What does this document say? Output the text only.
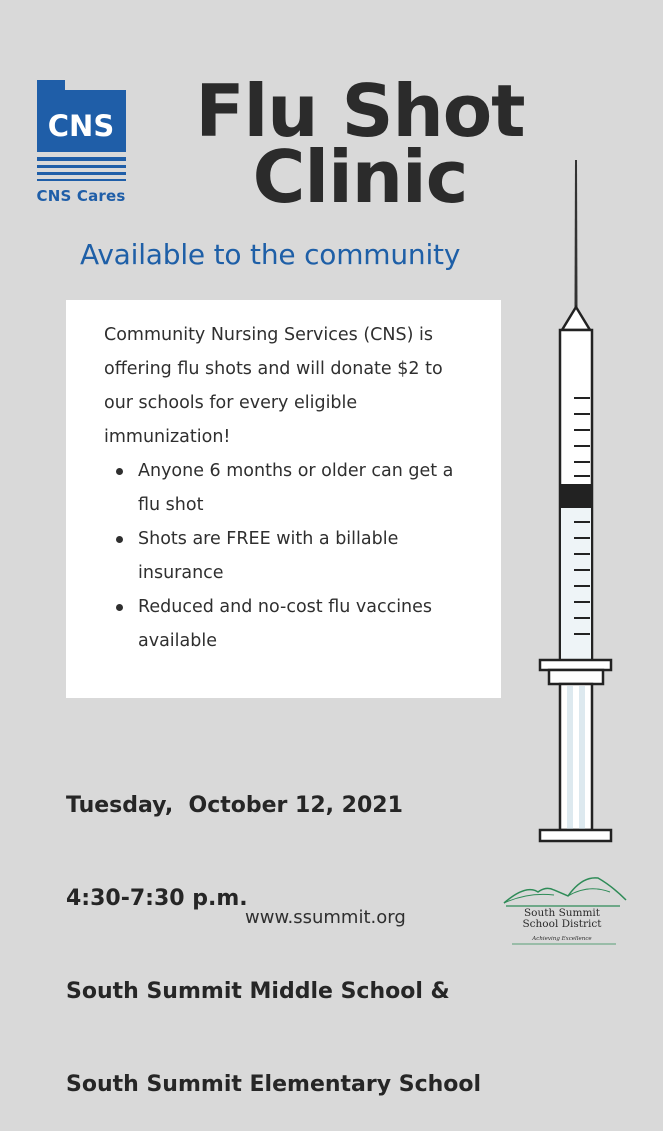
CNS
CNS Cares
Flu Shot
Clinic
Available to the community

Community Nursing Services (CNS) is offering flu shots and will donate $2 to our schools for every eligible immunization!

Anyone 6 months or older can get a flu shot
Shots are FREE with a billable insurance
Reduced and no-cost flu vaccines available

Tuesday,  October 12, 2021

4:30-7:30 p.m.

South Summit Middle School &

South Summit Elementary School

www.ssummit.org	South Summit
School District
Achieving Excellence
